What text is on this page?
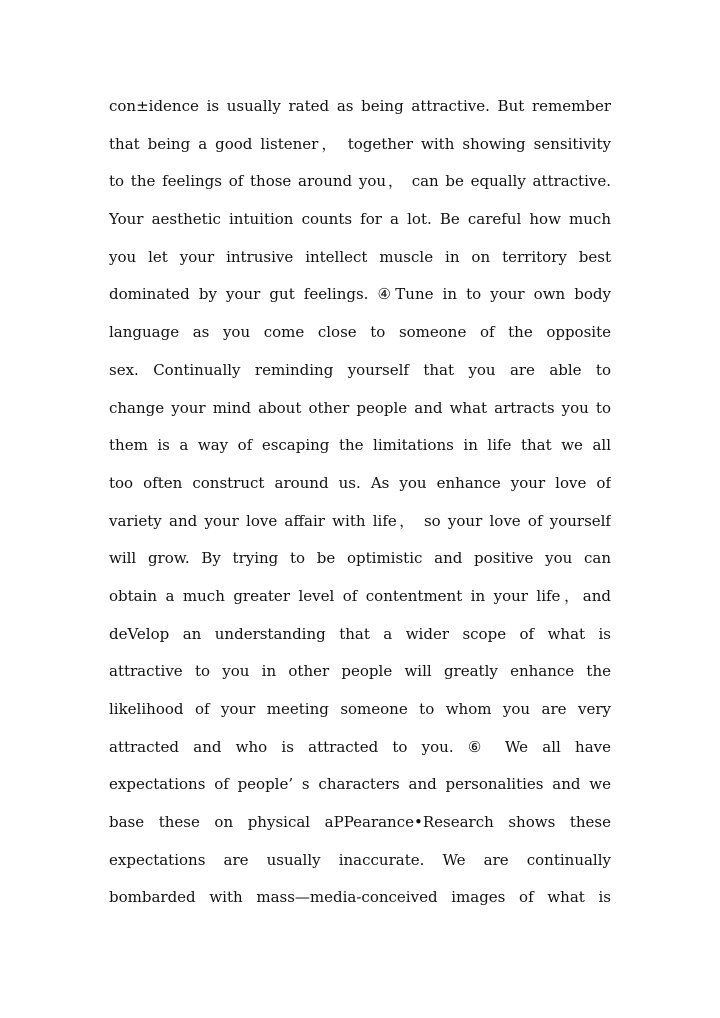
con±idence is usually rated as being attractive. But remember
that being a good listener， together with showing sensitivity
to the feelings of those around you， can be equally attractive.
Your aesthetic intuition counts for a lot. Be careful how much
you let your intrusive intellect muscle in on territory best
dominated by your gut feelings. ④Tune in to your own body
language as you come close to someone of the opposite
sex. Continually reminding yourself that you are able to
change your mind about other people and what artracts you to
them is a way of escaping the limitations in life that we all
too often construct around us. As you enhance your love of
variety and your love affair with life， so your love of yourself
will grow. By trying to be optimistic and positive you can
obtain a much greater level of contentment in your life，and
deVelop an understanding that a wider scope of what is
attractive to you in other people will greatly enhance the
likelihood of your meeting someone to whom you are very
attracted and who is attracted to you. ⑥ We all have
expectations of people’ s characters and personalities and we
base these on physical aPPearance•Research shows these
expectations are usually inaccurate. We are continually
bombarded with mass—media-conceived images of what is
